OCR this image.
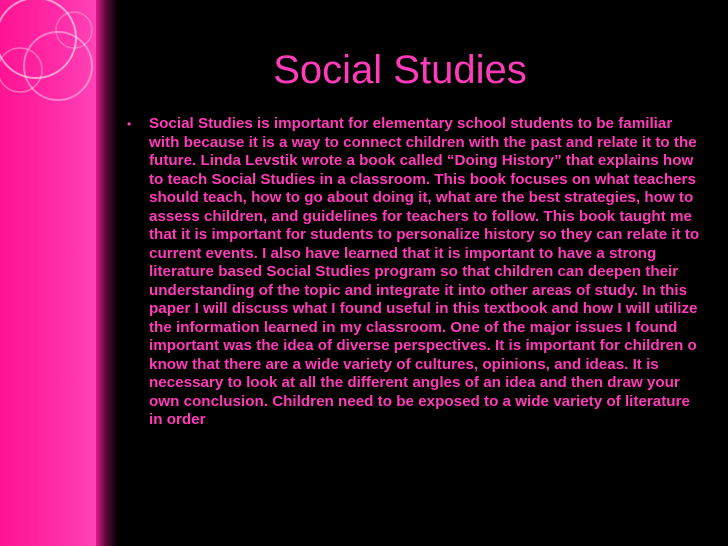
Social Studies
•	Social Studies is important for elementary school students to be familiar with because it is a way to connect children with the past and relate it to the future. Linda Levstik wrote a book called “Doing History” that explains how to teach Social Studies in a classroom. This book focuses on what teachers should teach, how to go about doing it, what are the best strategies, how to assess children, and guidelines for teachers to follow. This book taught me that it is important for students to personalize history so they can relate it to current events. I also have learned that it is important to have a strong literature based Social Studies program so that children can deepen their understanding of the topic and integrate it into other areas of study. In this paper I will discuss what I found useful in this textbook and how I will utilize the information learned in my classroom. One of the major issues I found important was the idea of diverse perspectives. It is important for children o know that there are a wide variety of cultures, opinions, and ideas. It is necessary to look at all the different angles of an idea and then draw your own conclusion. Children need to be exposed to a wide variety of literature in order
